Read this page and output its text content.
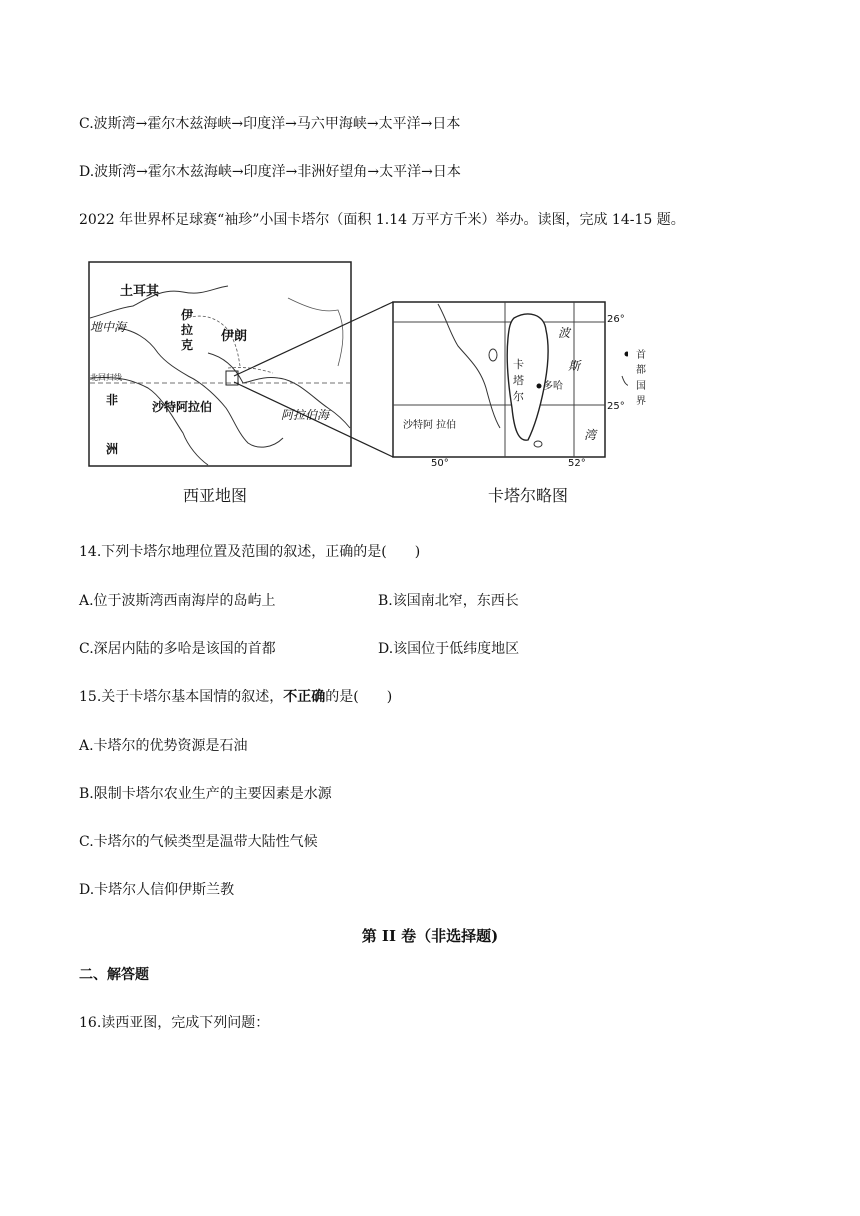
C.波斯湾→霍尔木兹海峡→印度洋→马六甲海峡→太平洋→日本
D.波斯湾→霍尔木兹海峡→印度洋→非洲好望角→太平洋→日本
2022 年世界杯足球赛“袖珍”小国卡塔尔（面积 1.14 万平方千米）举办。读图，完成 14-15 题。
土耳其
地中海
伊
拉
克
伊朗
北回归线
非
洲
沙特阿拉伯
阿拉伯海
26°
25°
50°	52°
波
斯
湾
卡
塔
尔
多哈
沙特阿 拉伯
首都
国界
西亚地图	卡塔尔略图
14.下列卡塔尔地理位置及范围的叙述，正确的是(　　)
A.位于波斯湾西南海岸的岛屿上	B.该国南北窄，东西长
C.深居内陆的多哈是该国的首都	D.该国位于低纬度地区
15.关于卡塔尔基本国情的叙述，不正确的是(　　)
A.卡塔尔的优势资源是石油
B.限制卡塔尔农业生产的主要因素是水源
C.卡塔尔的气候类型是温带大陆性气候
D.卡塔尔人信仰伊斯兰教
第 II 卷（非选择题)
二、解答题
16.读西亚图，完成下列问题：
